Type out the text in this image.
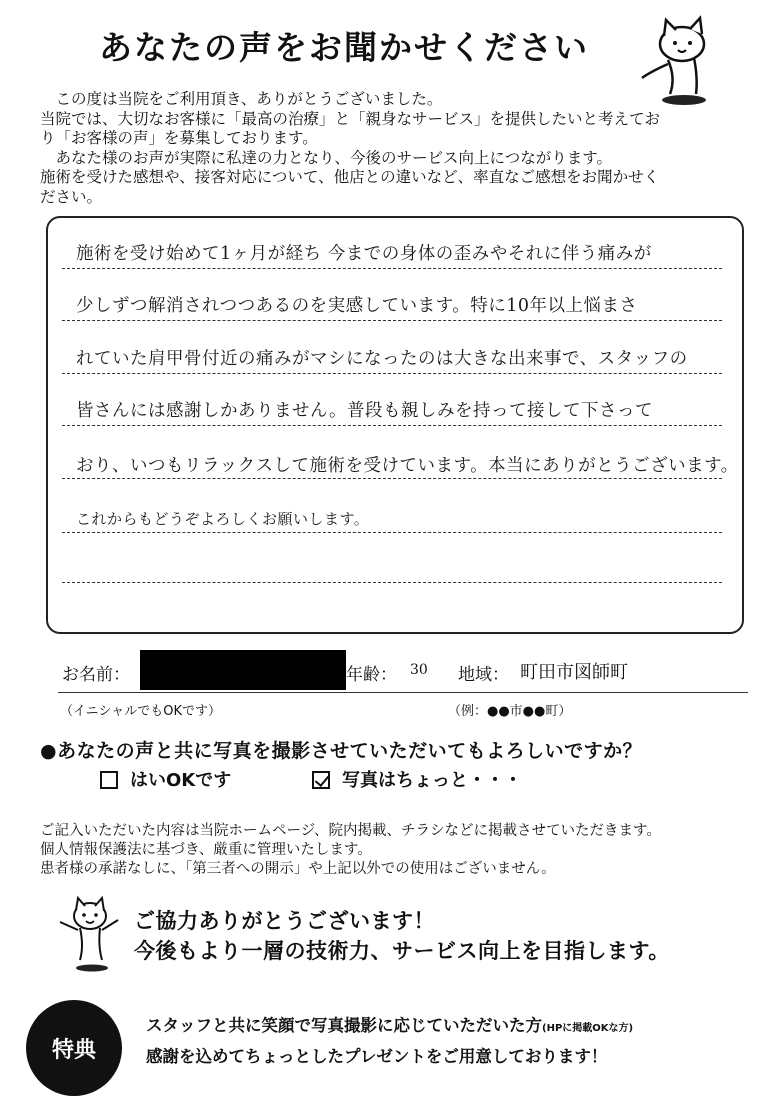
あなたの声をお聞かせください

この度は当院をご利用頂き、ありがとうございました。

当院では、大切なお客様に「最高の治療」と「親身なサービス」を提供したいと考えてお

り「お客様の声」を募集しております。

あなた様のお声が実際に私達の力となり、今後のサービス向上につながります。

施術を受けた感想や、接客対応について、他店との違いなど、率直なご感想をお聞かせく

ださい。

施術を受け始めて1ヶ月が経ち 今までの身体の歪みやそれに伴う痛みが
少しずつ解消されつつあるのを実感しています。特に10年以上悩まさ
れていた肩甲骨付近の痛みがマシになったのは大きな出来事で、スタッフの
皆さんには感謝しかありません。普段も親しみを持って接して下さって
おり、いつもリラックスして施術を受けています。本当にありがとうございます。
これからもどうぞよろしくお願いします。
お名前：	年齢： 30 地域： 町田市図師町
（イニシャルでもOKです）	（例：●●市●●町）
●あなたの声と共に写真を撮影させていただいてもよろしいですか？
はいOKです	写真はちょっと・・・

ご記入いただいた内容は当院ホームページ、院内掲載、チラシなどに掲載させていただきます。

個人情報保護法に基づき、厳重に管理いたします。

患者様の承諾なしに、「第三者への開示」や上記以外での使用はございません。

ご協力ありがとうございます！
今後もより一層の技術力、サービス向上を目指します。
特典
スタッフと共に笑顔で写真撮影に応じていただいた方(HPに掲載OKな方)
感謝を込めてちょっとしたプレゼントをご用意しております！
